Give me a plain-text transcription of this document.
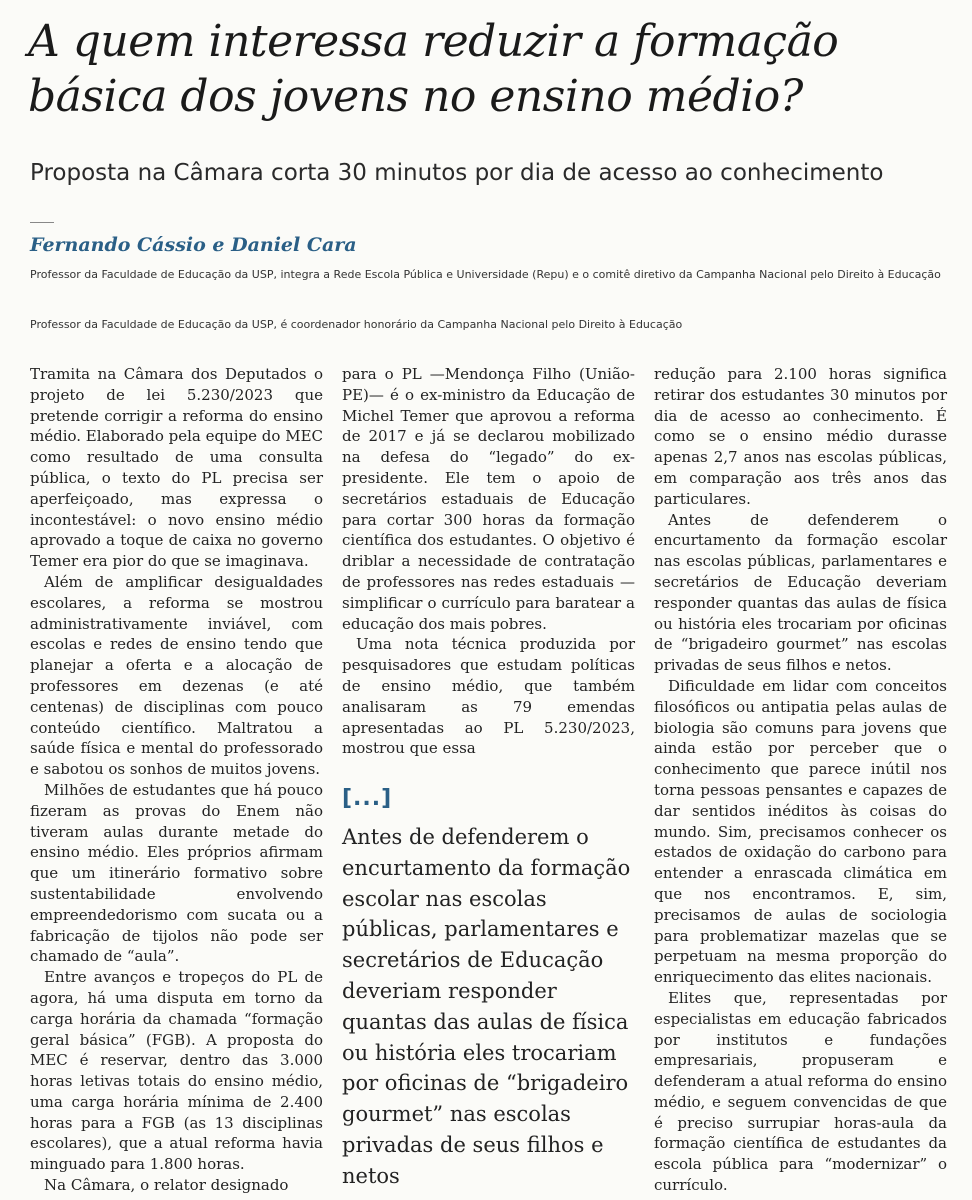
A quem interessa reduzir a formação básica dos jovens no ensino médio?
Proposta na Câmara corta 30 minutos por dia de acesso ao conhecimento
Fernando Cássio e Daniel Cara
Professor da Faculdade de Educação da USP, integra a Rede Escola Pública e Universidade (Repu) e o comitê diretivo da Campanha Nacional pelo Direito à Educação
Professor da Faculdade de Educação da USP, é coordenador honorário da Campanha Nacional pelo Direito à Educação

Tramita na Câmara dos Deputados o projeto de lei 5.230/2023 que pretende corrigir a reforma do ensino médio. Elaborado pela equipe do MEC como resultado de uma consulta pública, o texto do PL precisa ser aperfeiçoado, mas expressa o incontestável: o novo ensino médio aprovado a toque de caixa no governo Temer era pior do que se imaginava.

Além de amplificar desigualdades escolares, a reforma se mostrou administrativamente inviável, com escolas e redes de ensino tendo que planejar a oferta e a alocação de professores em dezenas (e até centenas) de disciplinas com pouco conteúdo científico. Maltratou a saúde física e mental do professorado e sabotou os sonhos de muitos jovens.

Milhões de estudantes que há pouco fizeram as provas do Enem não tiveram aulas durante metade do ensino médio. Eles próprios afirmam que um itinerário formativo sobre sustentabilidade envolvendo empreendedorismo com sucata ou a fabricação de tijolos não pode ser chamado de “aula”.

Entre avanços e tropeços do PL de agora, há uma disputa em torno da carga horária da chamada “formação geral básica” (FGB). A proposta do MEC é reservar, dentro das 3.000 horas letivas totais do ensino médio, uma carga horária mínima de 2.400 horas para a FGB (as 13 disciplinas escolares), que a atual reforma havia minguado para 1.800 horas.

Na Câmara, o relator designado

para o PL —Mendonça Filho (União-PE)— é o ex-ministro da Educação de Michel Temer que aprovou a reforma de 2017 e já se declarou mobilizado na defesa do “legado” do ex-presidente. Ele tem o apoio de secretários estaduais de Educação para cortar 300 horas da formação científica dos estudantes. O objetivo é driblar a necessidade de contratação de professores nas redes estaduais —simplificar o currículo para baratear a educação dos mais pobres.

Uma nota técnica produzida por pesquisadores que estudam políticas de ensino médio, que também analisaram as 79 emendas apresentadas ao PL 5.230/2023, mostrou que essa

[...]
Antes de defenderem o encurtamento da formação escolar nas escolas públicas, parlamentares e secretários de Educação deveriam responder quantas das aulas de física ou história eles trocariam por oficinas de “brigadeiro gourmet” nas escolas privadas de seus filhos e netos

redução para 2.100 horas significa retirar dos estudantes 30 minutos por dia de acesso ao conhecimento. É como se o ensino médio durasse apenas 2,7 anos nas escolas públicas, em comparação aos três anos das particulares.

Antes de defenderem o encurtamento da formação escolar nas escolas públicas, parlamentares e secretários de Educação deveriam responder quantas das aulas de física ou história eles trocariam por oficinas de “brigadeiro gourmet” nas escolas privadas de seus filhos e netos.

Dificuldade em lidar com conceitos filosóficos ou antipatia pelas aulas de biologia são comuns para jovens que ainda estão por perceber que o conhecimento que parece inútil nos torna pessoas pensantes e capazes de dar sentidos inéditos às coisas do mundo. Sim, precisamos conhecer os estados de oxidação do carbono para entender a enrascada climática em que nos encontramos. E, sim, precisamos de aulas de sociologia para problematizar mazelas que se perpetuam na mesma proporção do enriquecimento das elites nacionais.

Elites que, representadas por especialistas em educação fabricados por institutos e fundações empresariais, propuseram e defenderam a atual reforma do ensino médio, e seguem convencidas de que é preciso surrupiar horas-aula da formação científica de estudantes da escola pública para “modernizar” o currículo.
